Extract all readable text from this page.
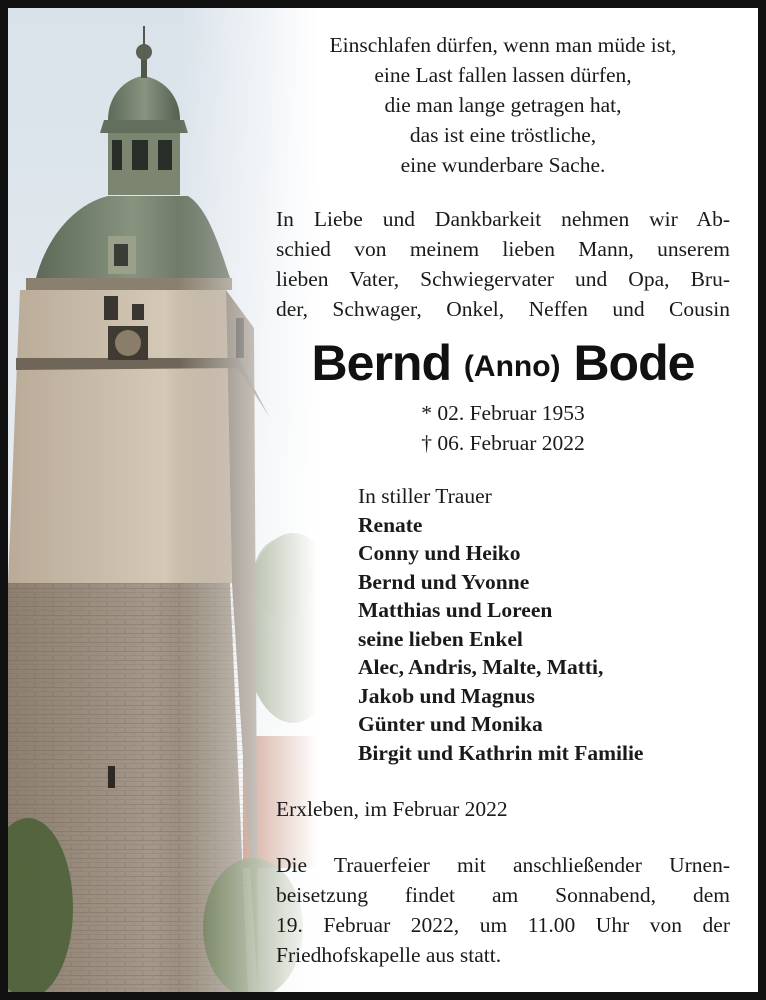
Einschlafen dürfen, wenn man müde ist,
eine Last fallen lassen dürfen,
die man lange getragen hat,
das ist eine tröstliche,
eine wunderbare Sache.
In Liebe und Dankbarkeit nehmen wir Ab-
schied von meinem lieben Mann, unserem
lieben Vater, Schwiegervater und Opa, Bru-
der, Schwager, Onkel, Neffen und Cousin
Bernd (Anno) Bode
* 02. Februar 1953
† 06. Februar 2022
In stiller Trauer
Renate
Conny und Heiko
Bernd und Yvonne
Matthias und Loreen
seine lieben Enkel
Alec, Andris, Malte, Matti,
Jakob und Magnus
Günter und Monika
Birgit und Kathrin mit Familie
Erxleben, im Februar 2022
Die Trauerfeier mit anschließender Urnen-
beisetzung findet am Sonnabend, dem
19. Februar 2022, um 11.00 Uhr von der
Friedhofskapelle aus statt.
